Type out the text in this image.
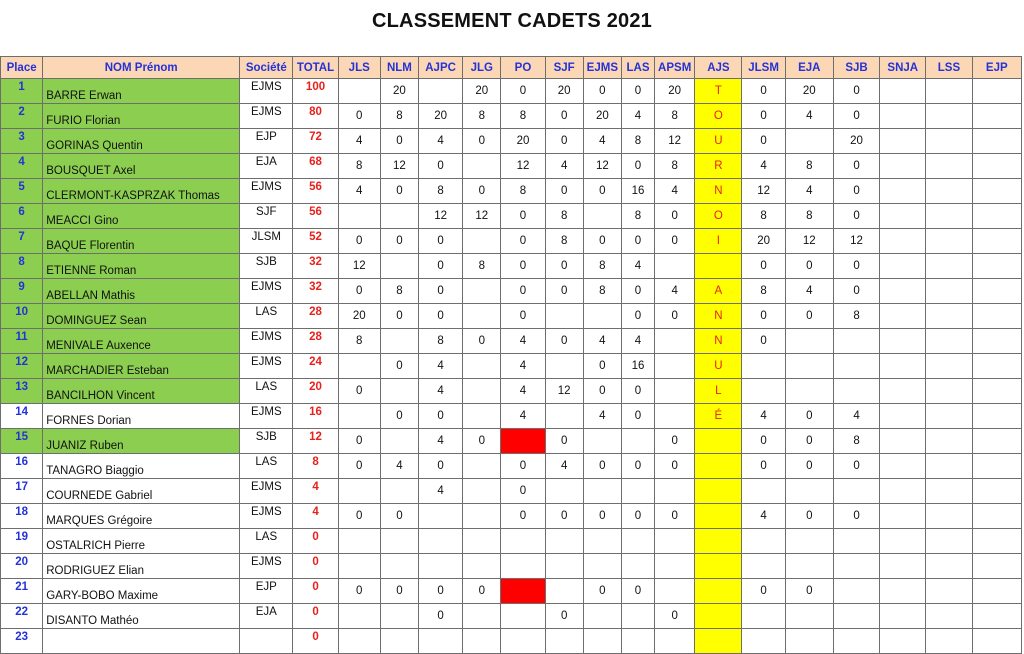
CLASSEMENT CADETS 2021
Place	NOM Prénom	Société	TOTAL	JLS	NLM	AJPC	JLG	PO	SJF	EJMS	LAS	APSM	AJS	JLSM	EJA	SJB	SNJA	LSS	EJP
1	BARRE Erwan	EJMS	100		20		20	0	20	0	0	20	T	0	20	0			
2	FURIO Florian	EJMS	80	0	8	20	8	8	0	20	4	8	O	0	4	0			
3	GORINAS Quentin	EJP	72	4	0	4	0	20	0	4	8	12	U	0		20			
4	BOUSQUET Axel	EJA	68	8	12	0		12	4	12	0	8	R	4	8	0			
5	CLERMONT-KASPRZAK Thomas	EJMS	56	4	0	8	0	8	0	0	16	4	N	12	4	0			
6	MEACCI Gino	SJF	56			12	12	0	8		8	0	O	8	8	0			
7	BAQUE Florentin	JLSM	52	0	0	0		0	8	0	0	0	I	20	12	12			
8	ETIENNE Roman	SJB	32	12		0	8	0	0	8	4			0	0	0			
9	ABELLAN Mathis	EJMS	32	0	8	0		0	0	8	0	4	A	8	4	0			
10	DOMINGUEZ Sean	LAS	28	20	0	0		0			0	0	N	0	0	8			
11	MENIVALE Auxence	EJMS	28	8		8	0	4	0	4	4		N	0					
12	MARCHADIER Esteban	EJMS	24		0	4		4		0	16		U						
13	BANCILHON Vincent	LAS	20	0		4		4	12	0	0		L						
14	FORNES Dorian	EJMS	16		0	0		4		4	0		É	4	0	4			
15	JUANIZ Ruben	SJB	12	0		4	0		0			0		0	0	8			
16	TANAGRO Biaggio	LAS	8	0	4	0		0	4	0	0	0		0	0	0			
17	COURNEDE Gabriel	EJMS	4			4		0											
18	MARQUES Grégoire	EJMS	4	0	0			0	0	0	0	0		4	0	0			
19	OSTALRICH Pierre	LAS	0																
20	RODRIGUEZ Elian	EJMS	0																
21	GARY-BOBO Maxime	EJP	0	0	0	0	0			0	0			0	0				
22	DISANTO Mathéo	EJA	0			0			0			0							
23			0																
